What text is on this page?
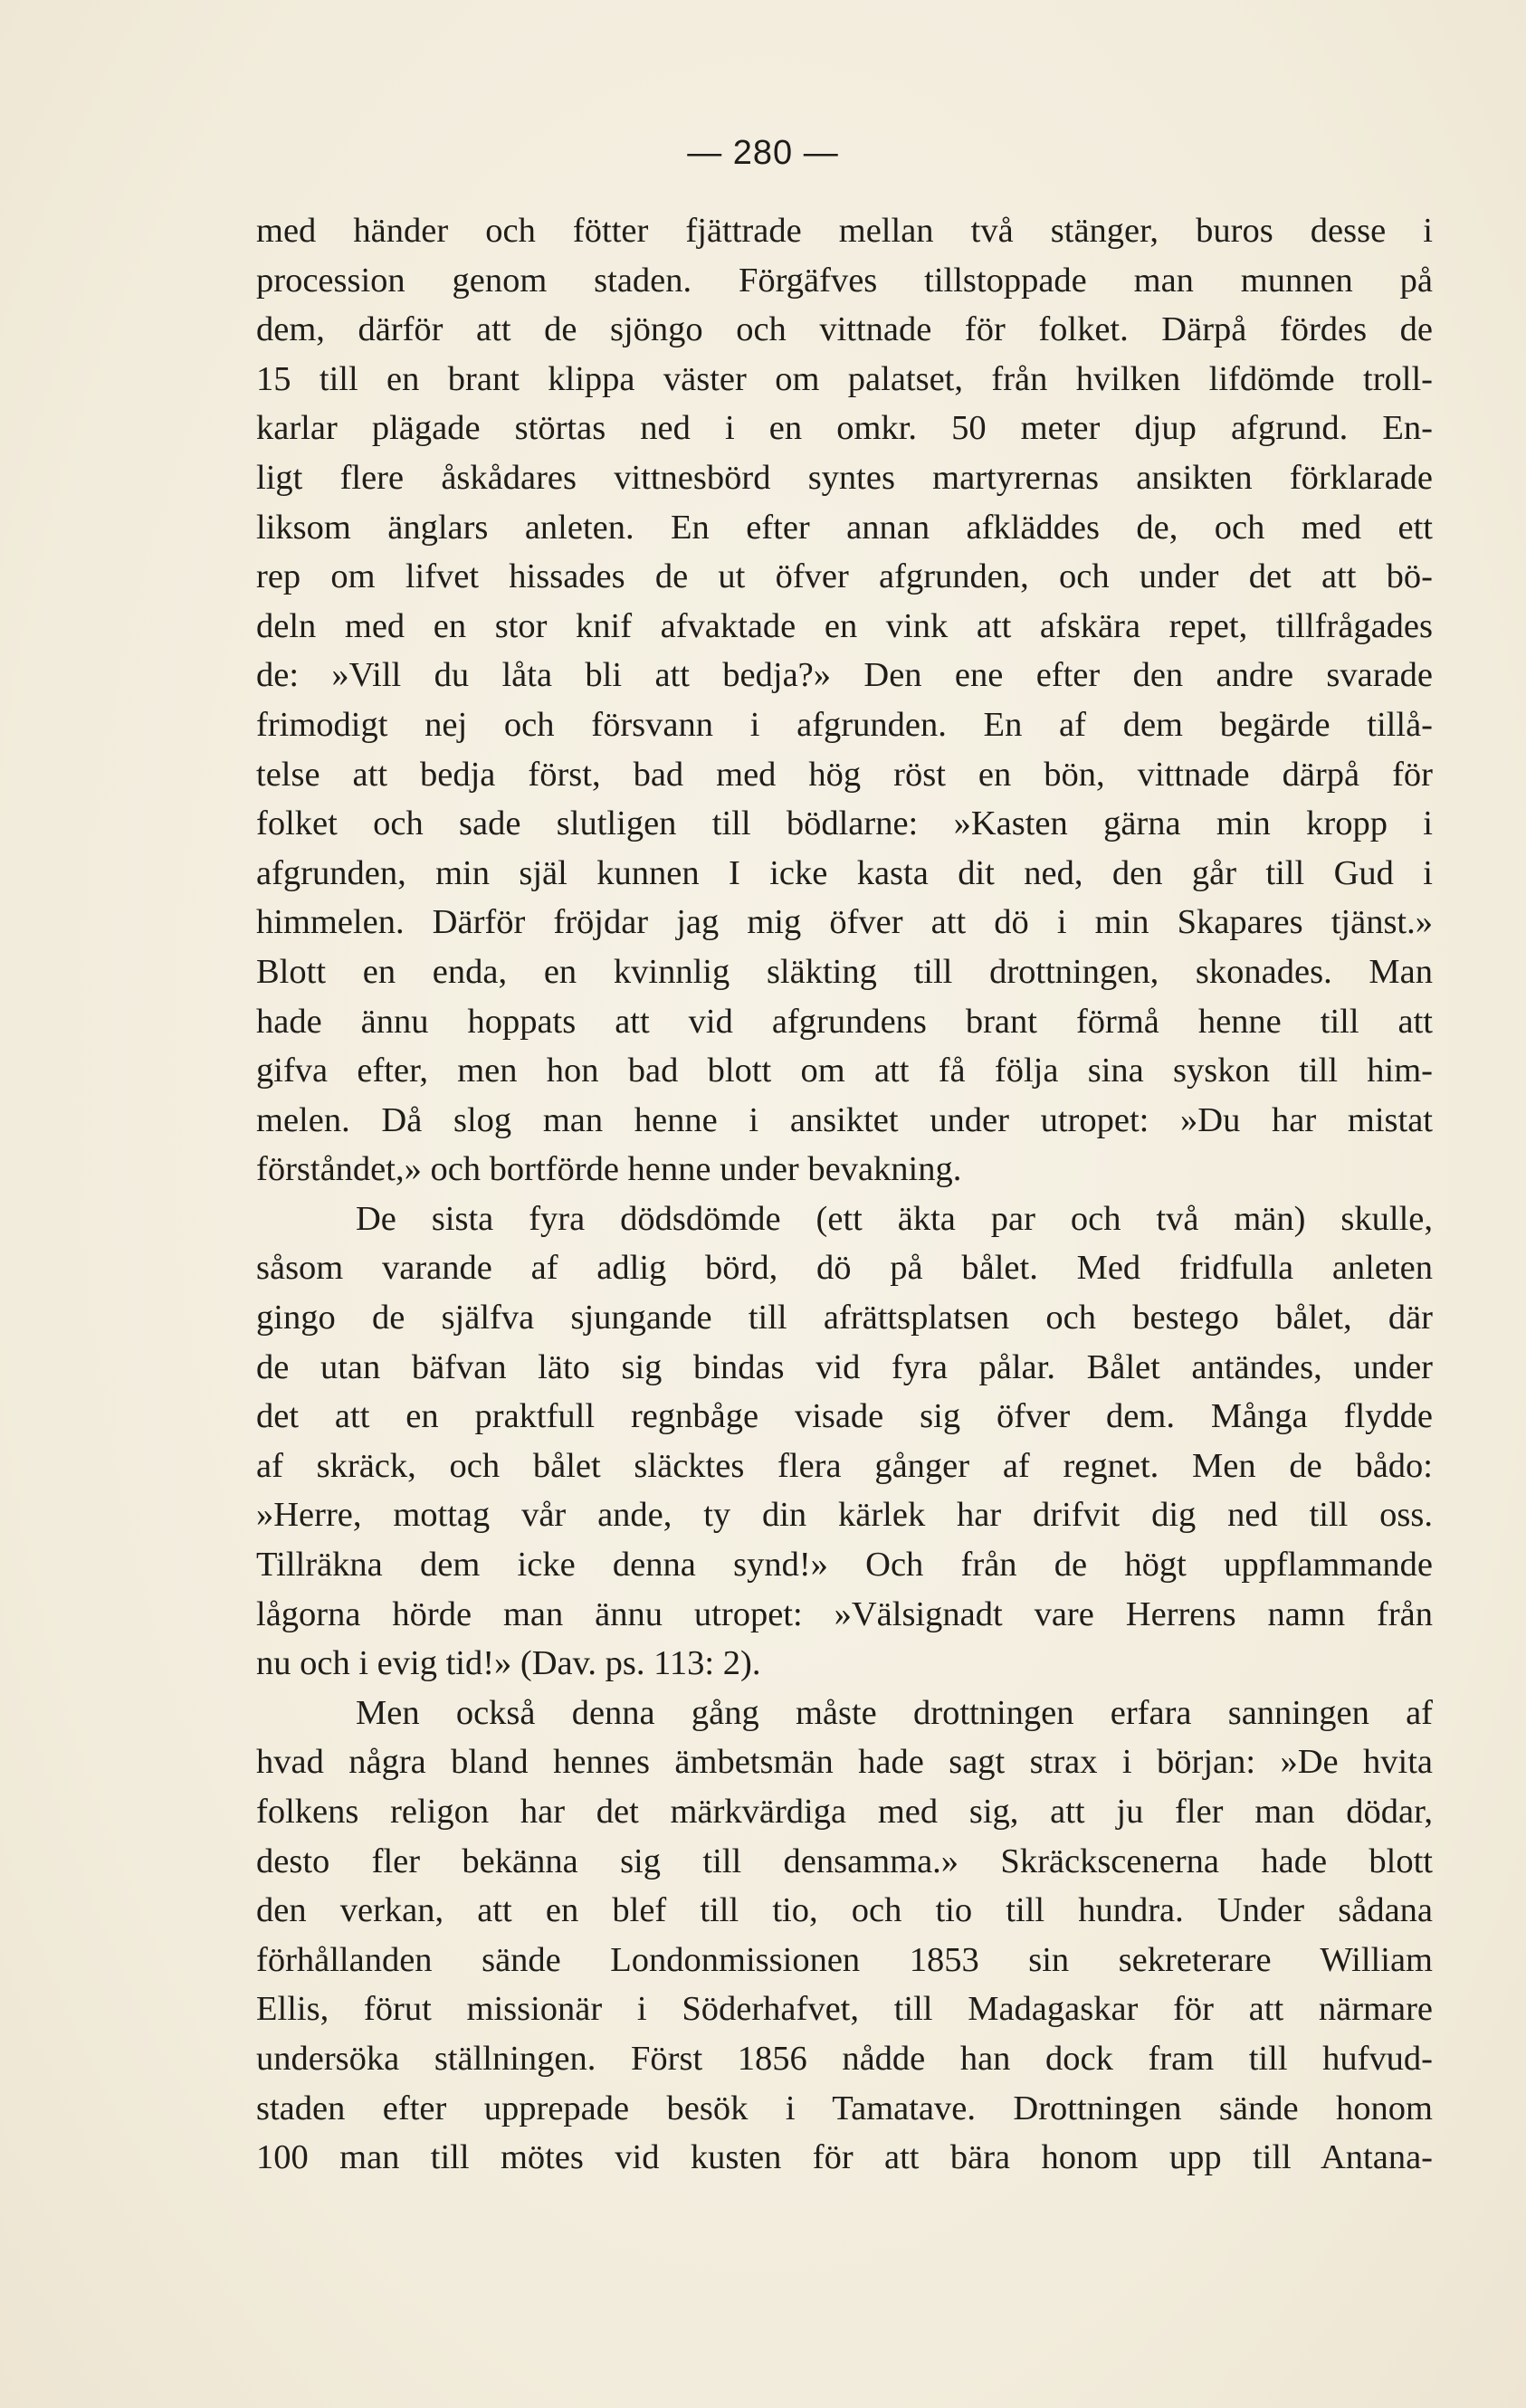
— 280 —
med händer och fötter fjättrade mellan två stänger, buros desse i
procession genom staden. Förgäfves tillstoppade man munnen på
dem, därför att de sjöngo och vittnade för folket. Därpå fördes de
15 till en brant klippa väster om palatset, från hvilken lifdömde troll-
karlar plägade störtas ned i en omkr. 50 meter djup afgrund. En-
ligt flere åskådares vittnesbörd syntes martyrernas ansikten förklarade
liksom änglars anleten. En efter annan afkläddes de, och med ett
rep om lifvet hissades de ut öfver afgrunden, och under det att bö-
deln med en stor knif afvaktade en vink att afskära repet, tillfrågades
de: »Vill du låta bli att bedja?» Den ene efter den andre svarade
frimodigt nej och försvann i afgrunden. En af dem begärde tillå-
telse att bedja först, bad med hög röst en bön, vittnade därpå för
folket och sade slutligen till bödlarne: »Kasten gärna min kropp i
afgrunden, min själ kunnen I icke kasta dit ned, den går till Gud i
himmelen. Därför fröjdar jag mig öfver att dö i min Skapares tjänst.»
Blott en enda, en kvinnlig släkting till drottningen, skonades. Man
hade ännu hoppats att vid afgrundens brant förmå henne till att
gifva efter, men hon bad blott om att få följa sina syskon till him-
melen. Då slog man henne i ansiktet under utropet: »Du har mistat
förståndet,» och bortförde henne under bevakning.
De sista fyra dödsdömde (ett äkta par och två män) skulle,
såsom varande af adlig börd, dö på bålet. Med fridfulla anleten
gingo de själfva sjungande till afrättsplatsen och bestego bålet, där
de utan bäfvan läto sig bindas vid fyra pålar. Bålet antändes, under
det att en praktfull regnbåge visade sig öfver dem. Många flydde
af skräck, och bålet släcktes flera gånger af regnet. Men de bådo:
»Herre, mottag vår ande, ty din kärlek har drifvit dig ned till oss.
Tillräkna dem icke denna synd!» Och från de högt uppflammande
lågorna hörde man ännu utropet: »Välsignadt vare Herrens namn från
nu och i evig tid!» (Dav. ps. 113: 2).
Men också denna gång måste drottningen erfara sanningen af
hvad några bland hennes ämbetsmän hade sagt strax i början: »De hvita
folkens religon har det märkvärdiga med sig, att ju fler man dödar,
desto fler bekänna sig till densamma.» Skräckscenerna hade blott
den verkan, att en blef till tio, och tio till hundra. Under sådana
förhållanden sände Londonmissionen 1853 sin sekreterare William
Ellis, förut missionär i Söderhafvet, till Madagaskar för att närmare
undersöka ställningen. Först 1856 nådde han dock fram till hufvud-
staden efter upprepade besök i Tamatave. Drottningen sände honom
100 man till mötes vid kusten för att bära honom upp till Antana-
